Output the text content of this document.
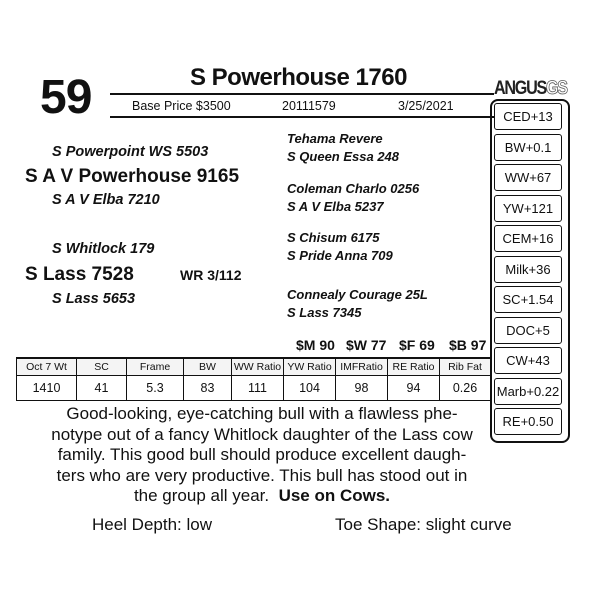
59	S Powerhouse 1760
Base Price $3500	20111579	3/25/2021
ANGUSGS
CED +13
BW +0.1
WW +67
YW +121
CEM +16
Milk +36
SC +1.54
DOC +5
CW +43
Marb +0.22
RE +0.50
S Powerpoint WS 5503
S A V Powerhouse 9165
S A V Elba 7210
S Whitlock 179
S Lass 7528	WR 3/112
S Lass 5653
Tehama Revere
S Queen Essa 248
Coleman Charlo 0256
S A V Elba 5237
S Chisum 6175
S Pride Anna 709
Connealy Courage 25L
S Lass 7345
$M 90 $W 77 $F 69 $B 97
Oct 7 Wt	SC	Frame	BW	WW Ratio	YW Ratio	IMFRatio	RE Ratio	Rib Fat
1410	41	5.3	83	111	104	98	94	0.26
Good-looking, eye-catching bull with a flawless phe-
notype out of a fancy Whitlock daughter of the Lass cow
family. This good bull should produce excellent daugh-
ters who are very productive. This bull has stood out in
the group all year. Use on Cows.
Heel Depth: low	Toe Shape: slight curve
